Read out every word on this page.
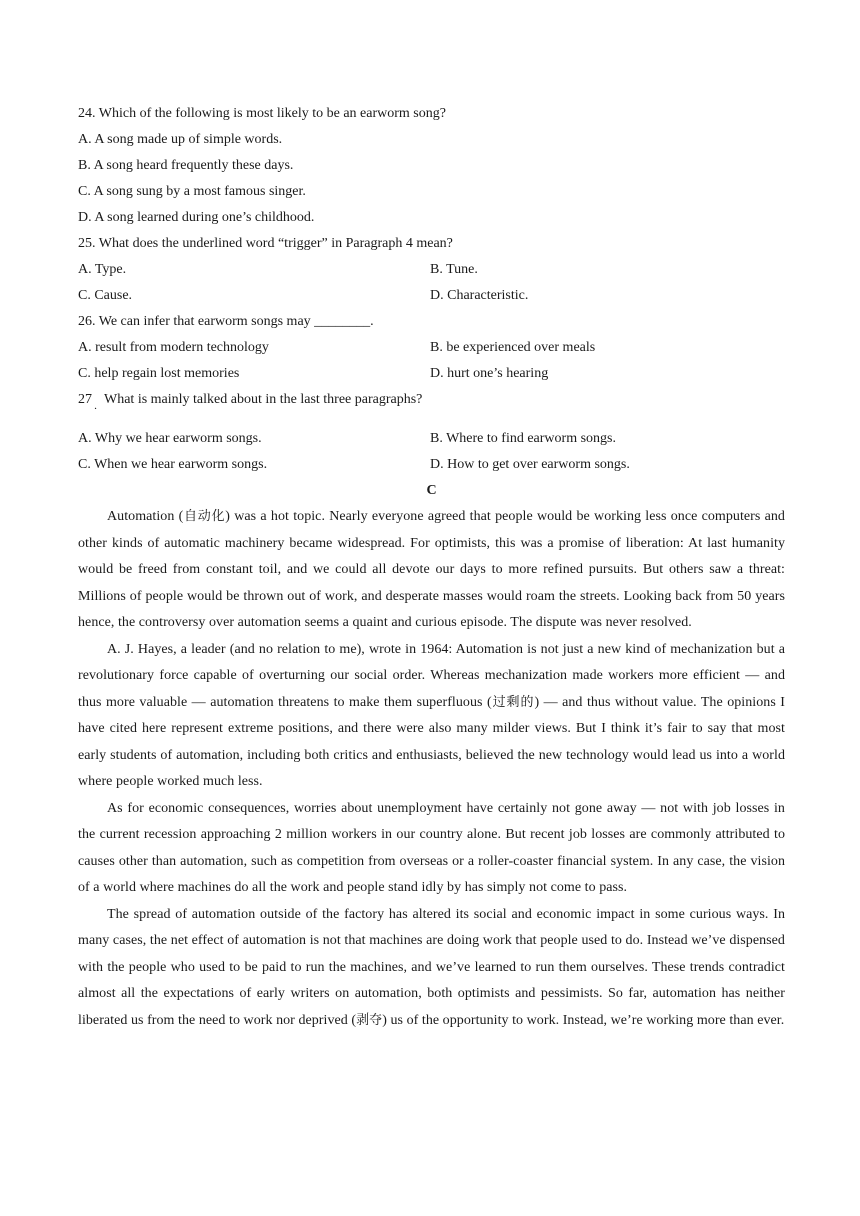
24. Which of the following is most likely to be an earworm song?
A. A song made up of simple words.
B. A song heard frequently these days.
C. A song sung by a most famous singer.
D. A song learned during one’s childhood.
25. What does the underlined word “trigger” in Paragraph 4 mean?
A. Type.	B. Tune.
C. Cause.	D. Characteristic.
26. We can infer that earworm songs may ________.
A. result from modern technology	B. be experienced over meals
C. help regain lost memories	D. hurt one’s hearing
27 ． What is mainly talked about in the last three paragraphs?
A. Why we hear earworm songs.	B. Where to find earworm songs.
C. When we hear earworm songs.	D. How to get over earworm songs.
C

Automation (自动化) was a hot topic. Nearly everyone agreed that people would be working less once computers and other kinds of automatic machinery became widespread. For optimists, this was a promise of liberation: At last humanity would be freed from constant toil, and we could all devote our days to more refined pursuits. But others saw a threat: Millions of people would be thrown out of work, and desperate masses would roam the streets. Looking back from 50 years hence, the controversy over automation seems a quaint and curious episode. The dispute was never resolved.

A. J. Hayes, a leader (and no relation to me), wrote in 1964: Automation is not just a new kind of mechanization but a revolutionary force capable of overturning our social order. Whereas mechanization made workers more efficient — and thus more valuable — automation threatens to make them superfluous (过剩的) — and thus without value. The opinions I have cited here represent extreme positions, and there were also many milder views. But I think it’s fair to say that most early students of automation, including both critics and enthusiasts, believed the new technology would lead us into a world where people worked much less.

As for economic consequences, worries about unemployment have certainly not gone away — not with job losses in the current recession approaching 2 million workers in our country alone. But recent job losses are commonly attributed to causes other than automation, such as competition from overseas or a roller-coaster financial system. In any case, the vision of a world where machines do all the work and people stand idly by has simply not come to pass.

The spread of automation outside of the factory has altered its social and economic impact in some curious ways. In many cases, the net effect of automation is not that machines are doing work that people used to do. Instead we’ve dispensed with the people who used to be paid to run the machines, and we’ve learned to run them ourselves. These trends contradict almost all the expectations of early writers on automation, both optimists and pessimists. So far, automation has neither liberated us from the need to work nor deprived (剥夺) us of the opportunity to work. Instead, we’re working more than ever.
